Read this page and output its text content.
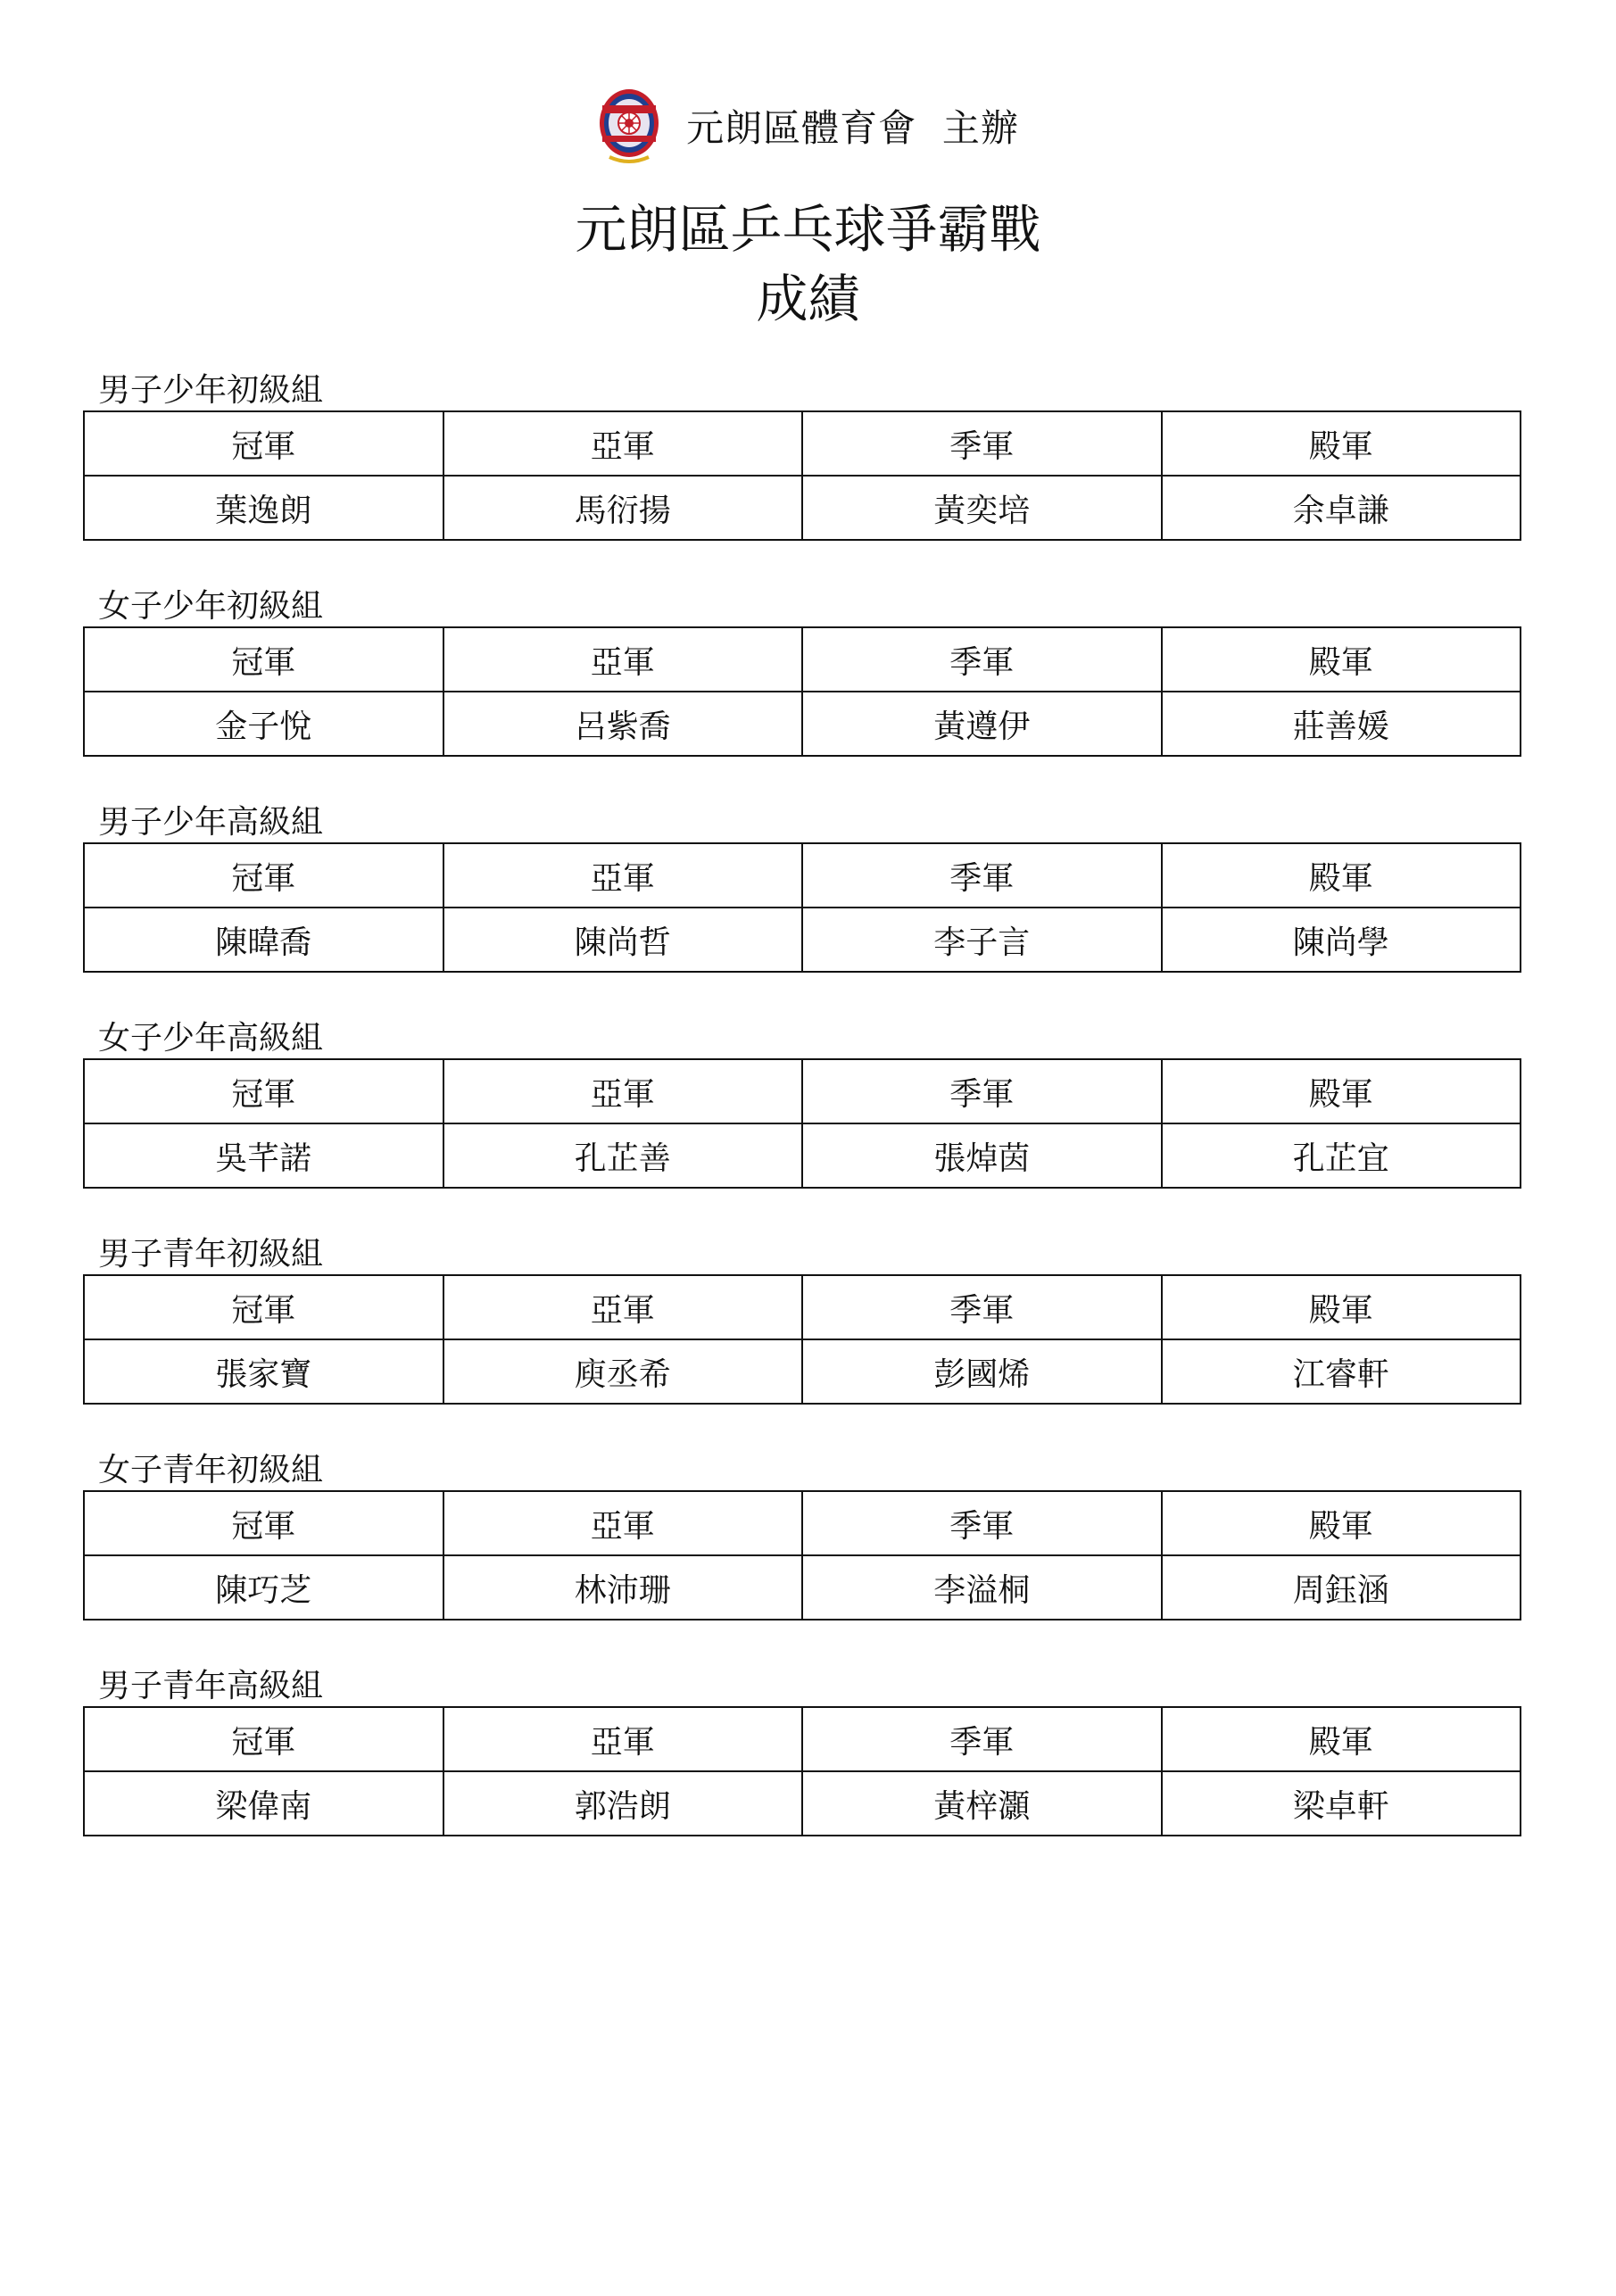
元朗區體育會  主辦
元朗區乒乓球爭霸戰
成績
男子少年初級組
冠軍	亞軍	季軍	殿軍
葉逸朗	馬衍揚	黃奕培	余卓謙
女子少年初級組
冠軍	亞軍	季軍	殿軍
金子悅	呂紫喬	黃遵伊	莊善媛
男子少年高級組
冠軍	亞軍	季軍	殿軍
陳暐喬	陳尚哲	李子言	陳尚學
女子少年高級組
冠軍	亞軍	季軍	殿軍
吳芊諾	孔芷善	張焯茵	孔芷宜
男子青年初級組
冠軍	亞軍	季軍	殿軍
張家寶	庾丞希	彭國烯	江睿軒
女子青年初級組
冠軍	亞軍	季軍	殿軍
陳巧芝	林沛珊	李溢桐	周鈺涵
男子青年高級組
冠軍	亞軍	季軍	殿軍
梁偉南	郭浩朗	黃梓灝	梁卓軒
